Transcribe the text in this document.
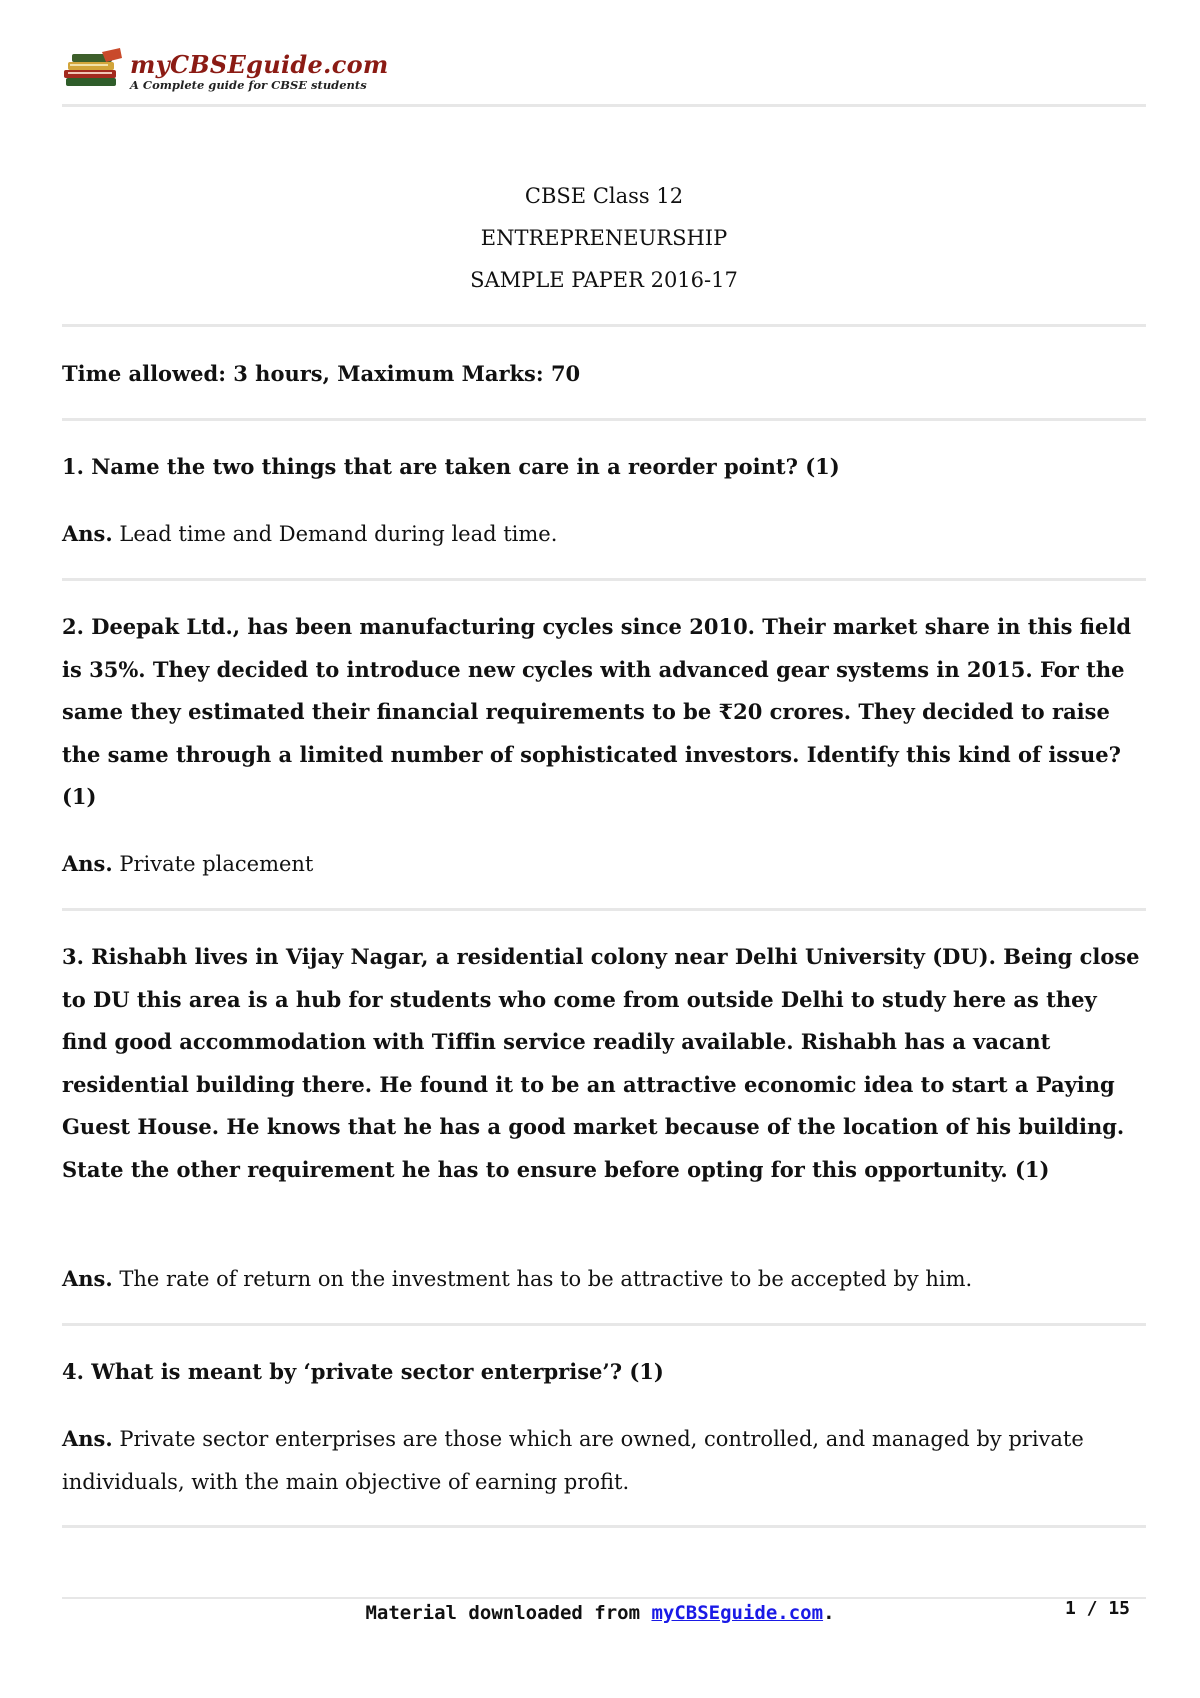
myCBSEguide.com
A Complete guide for CBSE students
CBSE Class 12
ENTREPRENEURSHIP
SAMPLE PAPER 2016-17
Time allowed: 3 hours, Maximum Marks: 70
1. Name the two things that are taken care in a reorder point? (1)
Ans. Lead time and Demand during lead time.
2. Deepak Ltd., has been manufacturing cycles since 2010. Their market share in this field is 35%. They decided to introduce new cycles with advanced gear systems in 2015. For the same they estimated their financial requirements to be ₹20 crores. They decided to raise the same through a limited number of sophisticated investors. Identify this kind of issue? (1)
Ans. Private placement
3. Rishabh lives in Vijay Nagar, a residential colony near Delhi University (DU). Being close to DU this area is a hub for students who come from outside Delhi to study here as they find good accommodation with Tiffin service readily available. Rishabh has a vacant residential building there. He found it to be an attractive economic idea to start a Paying Guest House. He knows that he has a good market because of the location of his building. State the other requirement he has to ensure before opting for this opportunity. (1)
Ans. The rate of return on the investment has to be attractive to be accepted by him.
4. What is meant by ‘private sector enterprise’? (1)
Ans. Private sector enterprises are those which are owned, controlled, and managed by private individuals, with the main objective of earning profit.
Material downloaded from myCBSEguide.com.	1 / 15
